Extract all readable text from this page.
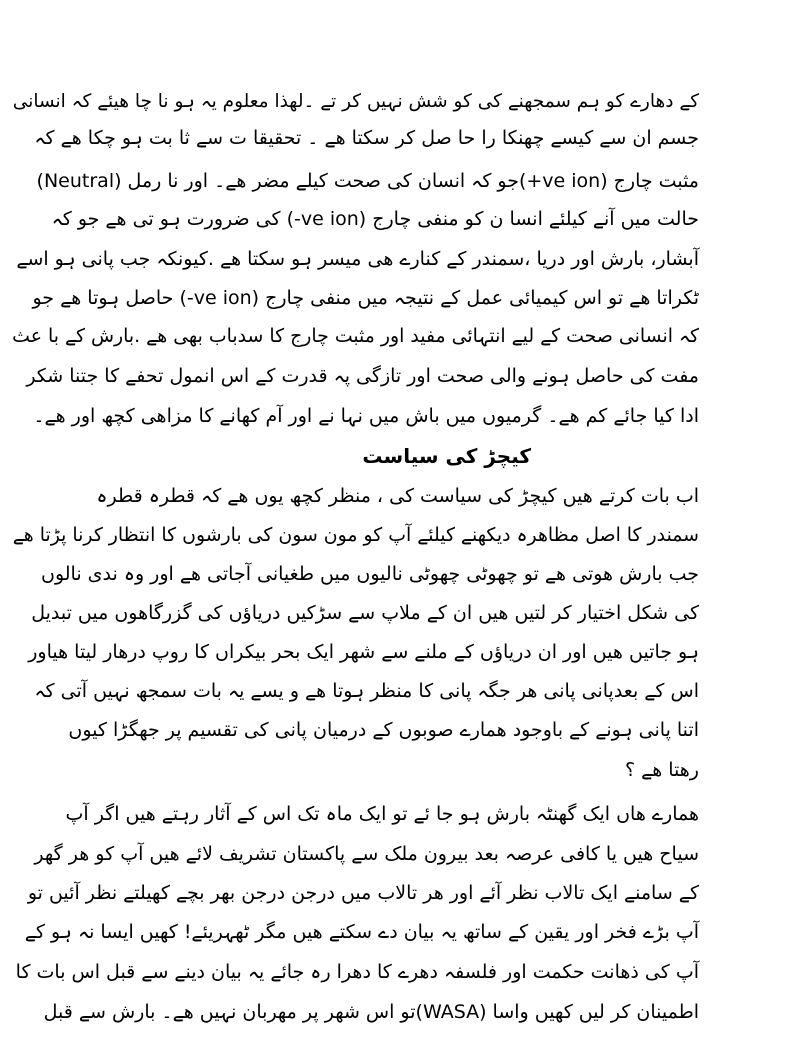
کے دھارے کو ہم سمجھنے کی کو شش نہیں کر تے ۔لھذا معلوم یہ ہو نا چا ھیئے کہ انسانی
جسم ان سے کیسے چھنکا را حا صل کر سکتا ھے ۔ تحقیقا ت سے ثا بت ہو چکا ھے کہ
مثبت چارج (ve ion+)جو کہ انسان کی صحت کیلے مضر ھے۔ اور نا رمل (Neutral)
حالت میں آنے کیلئے انسا ن کو منفی چارج (ve ion-) کی ضرورت ہو تی ھے جو کہ
آبشار، بارش اور دریا ،سمندر کے کنارے ھی میسر ہو سکتا ھے .کیونکہ جب پانی ہو اسے
ٹکراتا ھے تو اس کیمیائی عمل کے نتیجہ میں منفی چارج (ve ion-) حاصل ہوتا ھے جو
کہ انسانی صحت کے لیے انتہائی مفید اور مثبت چارج کا سدباب بھی ھے .بارش کے با عث
مفت کی حاصل ہونے والی صحت اور تازگی پہ قدرت کے اس انمول تحفے کا جتنا شکر
ادا کیا جائے کم ھے۔ گرمیوں میں باش میں نہا نے اور آم کھانے کا مزاھی کچھ اور ھے۔
کیچڑ کی سیاست
اب بات کرتے ھیں کیچڑ کی سیاست کی ، منظر کچھ یوں ھے کہ قطرہ قطرہ
سمندر کا اصل مظاھرہ دیکھنے کیلئے آپ کو مون سون کی بارشوں کا انتظار کرنا پڑتا ھے
جب بارش ھوتی ھے تو چھوٹی چھوٹی نالیوں میں طغیانی آجاتی ھے اور وہ ندی نالوں
کی شکل اختیار کر لتیں ھیں ان کے ملاپ سے سڑکیں دریاؤں کی گزرگاھوں میں تبدیل
ہو جاتیں ھیں اور ان دریاؤں کے ملنے سے شھر ایک بحر بیکراں کا روپ درھار لیتا ھیاور
اس کے بعدپانی پانی ھر جگہ پانی کا منظر ہوتا ھے و یسے یہ بات سمجھ نہیں آتی کہ
اتنا پانی ہونے کے باوجود ھمارے صوبوں کے درمیان پانی کی تقسیم پر جھگڑا کیوں
رھتا ھے ؟
ھمارے ھاں ایک گھنٹہ بارش ہو جا ئے تو ایک ماہ تک اس کے آثار رہتے ھیں اگر آپ
سیاح ھیں یا کافی عرصہ بعد بیرون ملک سے پاکستان تشریف لائے ھیں آپ کو ھر گھر
کے سامنے ایک تالاب نظر آئے اور ھر تالاب میں درجن درجن بھر بچے کھیلتے نظر آئیں تو
آپ بڑے فخر اور یقین کے ساتھ یہ بیان دے سکتے ھیں مگر ٹھہریئے! کھیں ایسا نہ ہو کے
آپ کی ذھانت حکمت اور فلسفہ دھرے کا دھرا رہ جائے یہ بیان دینے سے قبل اس بات کا
اطمینان کر لیں کھیں واسا (WASA)تو اس شھر پر مھربان نہیں ھے۔ بارش سے قبل
